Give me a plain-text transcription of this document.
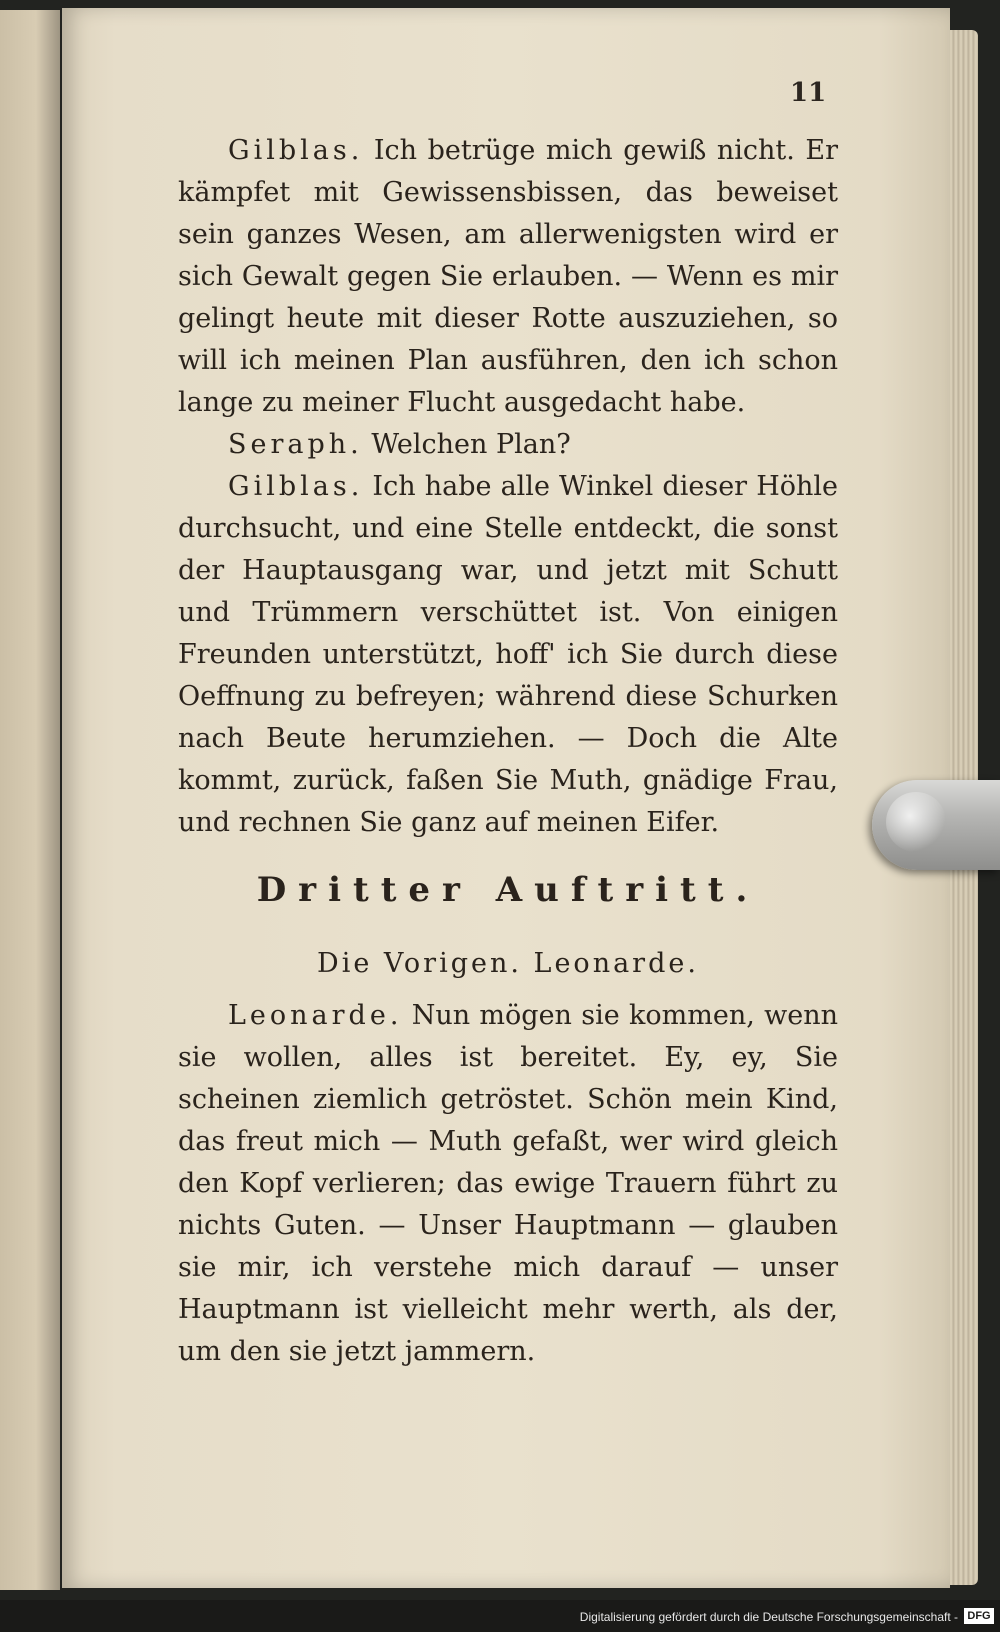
11

Gilblas. Ich betrüge mich gewiß nicht. Er kämpfet mit Gewissensbissen, das beweiset sein ganzes Wesen, am allerwenigsten wird er sich Gewalt gegen Sie erlauben. — Wenn es mir gelingt heute mit dieser Rotte auszuziehen, so will ich meinen Plan ausführen, den ich schon lange zu meiner Flucht ausgedacht habe.

Seraph. Welchen Plan?

Gilblas. Ich habe alle Winkel dieser Höhle durchsucht, und eine Stelle entdeckt, die sonst der Hauptausgang war, und jetzt mit Schutt und Trümmern verschüttet ist. Von einigen Freunden unterstützt, hoff' ich Sie durch diese Oeffnung zu befreyen; während diese Schurken nach Beute herumziehen. — Doch die Alte kommt, zurück, faßen Sie Muth, gnädige Frau, und rechnen Sie ganz auf meinen Eifer.

Dritter Auftritt.
Die Vorigen. Leonarde.

Leonarde. Nun mögen sie kommen, wenn sie wollen, alles ist bereitet. Ey, ey, Sie scheinen ziemlich getröstet. Schön mein Kind, das freut mich — Muth gefaßt, wer wird gleich den Kopf verlieren; das ewige Trauern führt zu nichts Guten. — Unser Hauptmann — glauben sie mir, ich verstehe mich darauf — unser Hauptmann ist vielleicht mehr werth, als der, um den sie jetzt jammern.

Digitalisierung gefördert durch die Deutsche Forschungsgemeinschaft - DFG
